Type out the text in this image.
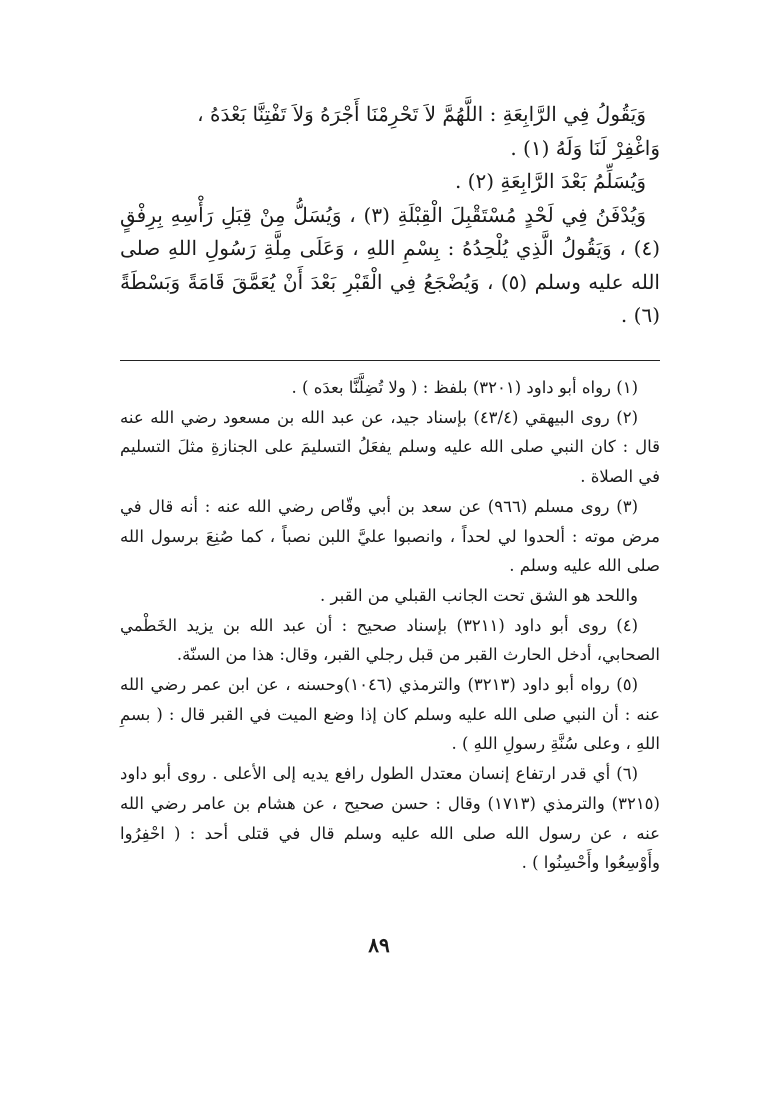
وَيَقُولُ فِي الرَّابِعَةِ : اللَّهُمَّ لاَ تَحْرِمْنَا أَجْرَهُ وَلاَ تَفْتِنَّا بَعْدَهُ ،

وَاغْفِرْ لَنَا وَلَهُ (١) .

وَيُسَلِّمُ بَعْدَ الرَّابِعَةِ (٢) .

وَيُدْفَنُ فِي لَحْدٍ مُسْتَقْبِلَ الْقِبْلَةِ (٣) ، وَيُسَلُّ مِنْ قِبَلِ رَأْسِهِ بِرِفْقٍ (٤) ، وَيَقُولُ الَّذِي يُلْحِدُهُ : بِسْمِ اللهِ ، وَعَلَى مِلَّةِ رَسُولِ اللهِ صلى الله عليه وسلم (٥) ، وَيُضْجَعُ فِي الْقَبْرِ بَعْدَ أَنْ يُعَمَّقَ قَامَةً وَبَسْطَةً (٦) .

(١) رواه أبو داود (٣٢٠١) بلفظ : ( ولا تُضِلَّنَّا بعدَه ) .

(٢) روى البيهقي (٤٣/٤) بإسناد جيد، عن عبد الله بن مسعود رضي الله عنه قال : كان النبي صلى الله عليه وسلم يفعَلُ التسليمَ على الجنازةِ مثلَ التسليم في الصلاة .

(٣) روى مسلم (٩٦٦) عن سعد بن أبي وقّاص رضي الله عنه : أنه قال في مرض موته : ألحدوا لي لحداً ، وانصبوا عليَّ اللبن نصباً ، كما صُنِعَ برسول الله صلى الله عليه وسلم .

واللحد هو الشق تحت الجانب القبلي من القبر .

(٤) روى أبو داود (٣٢١١) بإسناد صحيح : أن عبد الله بن يزيد الخَطْمي الصحابي، أدخل الحارث القبر من قبل رجلي القبر، وقال: هذا من السنّة.

(٥) رواه أبو داود (٣٢١٣) والترمذي (١٠٤٦)وحسنه ، عن ابن عمر رضي الله عنه : أن النبي صلى الله عليه وسلم كان إذا وضع الميت في القبر قال : ( بسمِ اللهِ ، وعلى سُنَّةِ رسولِ اللهِ ) .

(٦) أي قدر ارتفاع إنسان معتدل الطول رافع يديه إلى الأعلى . روى أبو داود (٣٢١٥) والترمذي (١٧١٣) وقال : حسن صحيح ، عن هشام بن عامر رضي الله عنه ، عن رسول الله صلى الله عليه وسلم قال في قتلى أحد : ( احْفِرُوا وأَوْسِعُوا وأَحْسِنُوا ) .

٨٩
